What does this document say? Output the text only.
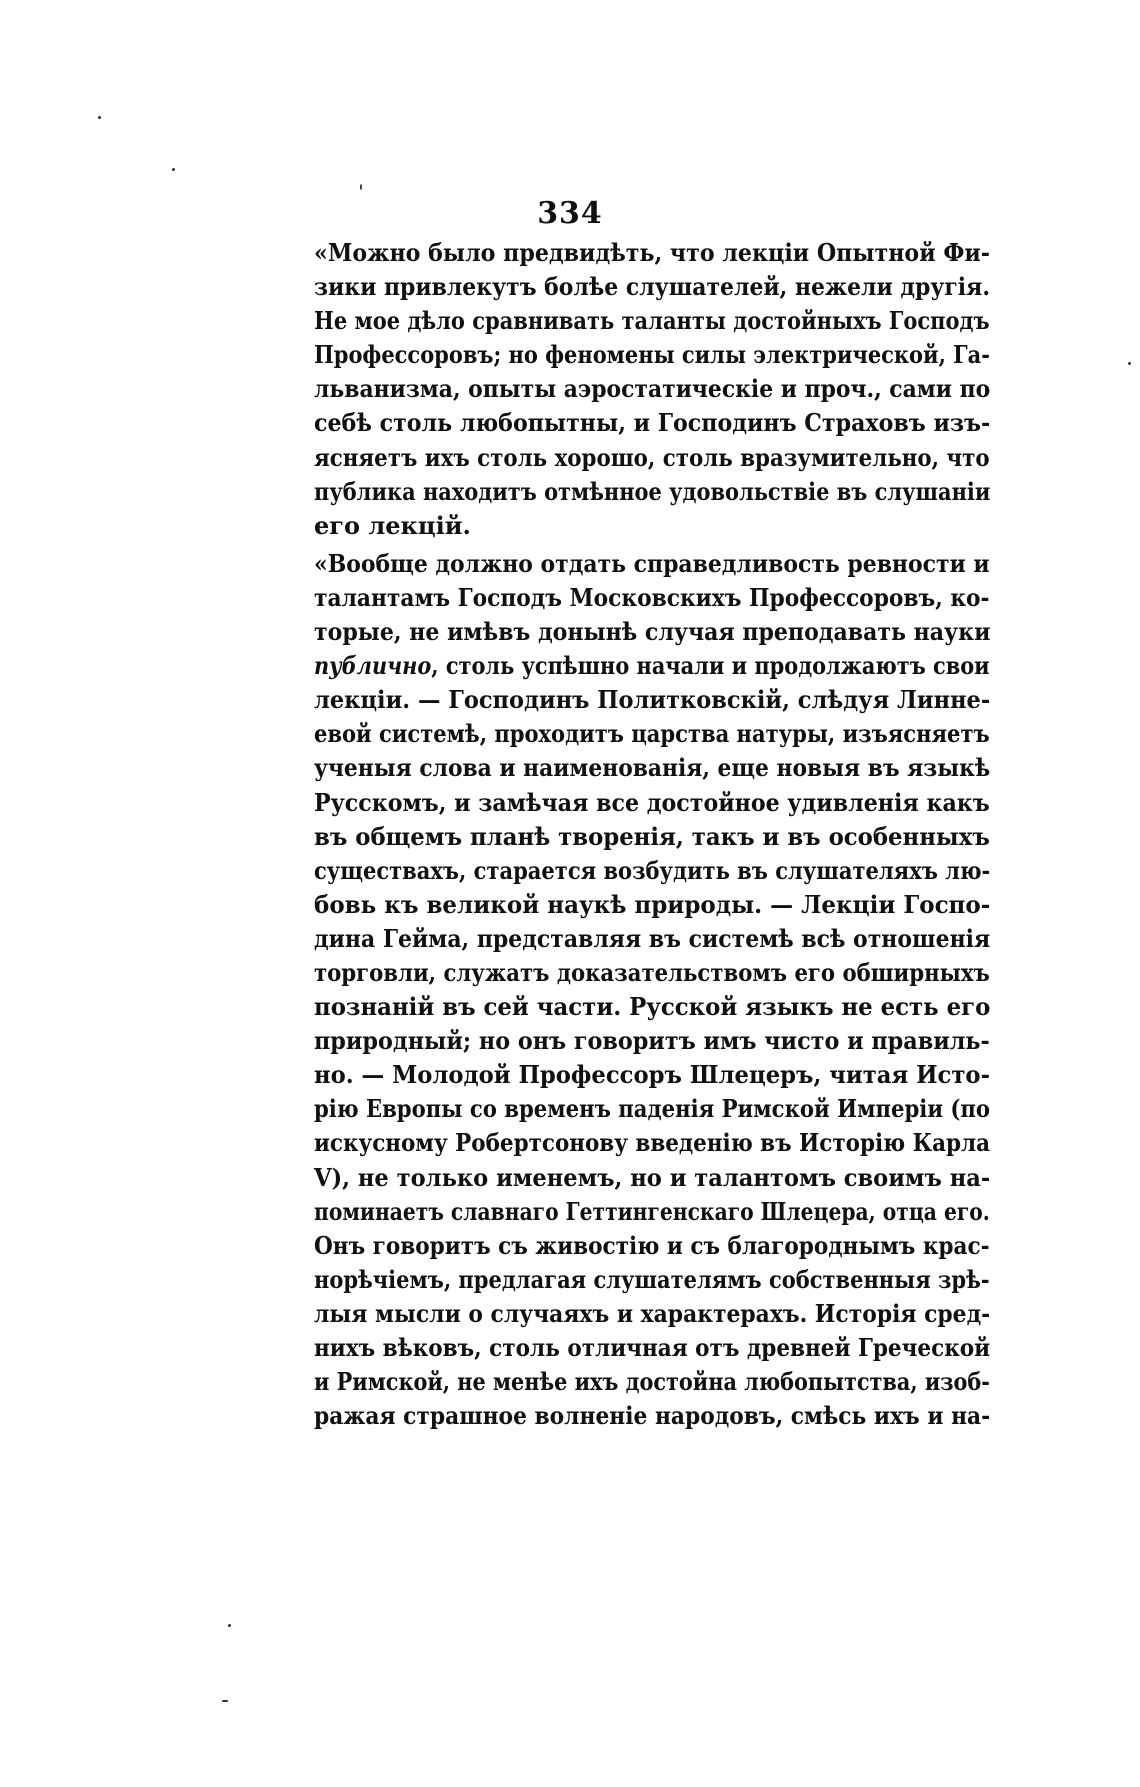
334
«Можно было предвидѣть, что лекціи Опытной Фи-
зики привлекутъ болѣе слушателей, нежели другія.
Не мое дѣло сравнивать таланты достойныхъ Господъ
Профессоровъ; но феномены силы электрической, Га-
льванизма, опыты аэростатическіе и проч., сами по
себѣ столь любопытны, и Господинъ Страховъ изъ-
ясняетъ ихъ столь хорошо, столь вразумительно, что
публика находитъ отмѣнное удовольствіе въ слушаніи
его лекцій.
«Вообще должно отдать справедливость ревности и
талантамъ Господъ Московскихъ Профессоровъ, ко-
торые, не имѣвъ донынѣ случая преподавать науки
публично, столь успѣшно начали и продолжаютъ свои
лекціи. — Господинъ Политковскій, слѣдуя Линне-
евой системѣ, проходитъ царства натуры, изъясняетъ
ученыя слова и наименованія, еще новыя въ языкѣ
Русскомъ, и замѣчая все достойное удивленія какъ
въ общемъ планѣ творенія, такъ и въ особенныхъ
существахъ, старается возбудить въ слушателяхъ лю-
бовь къ великой наукѣ природы. — Лекціи Госпо-
дина Гейма, представляя въ системѣ всѣ отношенія
торговли, служатъ доказательствомъ его обширныхъ
познаній въ сей части. Русской языкъ не есть его
природный; но онъ говоритъ имъ чисто и правиль-
но. — Молодой Профессоръ Шлецеръ, читая Исто-
рію Европы со временъ паденія Римской Имперіи (по
искусному Робертсонову введенію въ Исторію Карла
V), не только именемъ, но и талантомъ своимъ на-
поминаетъ славнаго Геттингенскаго Шлецера, отца его.
Онъ говоритъ съ живостію и съ благороднымъ крас-
норѣчіемъ, предлагая слушателямъ собственныя зрѣ-
лыя мысли о случаяхъ и характерахъ. Исторія сред-
нихъ вѣковъ, столь отличная отъ древней Греческой
и Римской, не менѣе ихъ достойна любопытства, изоб-
ражая страшное волненіе народовъ, смѣсь ихъ и на-
